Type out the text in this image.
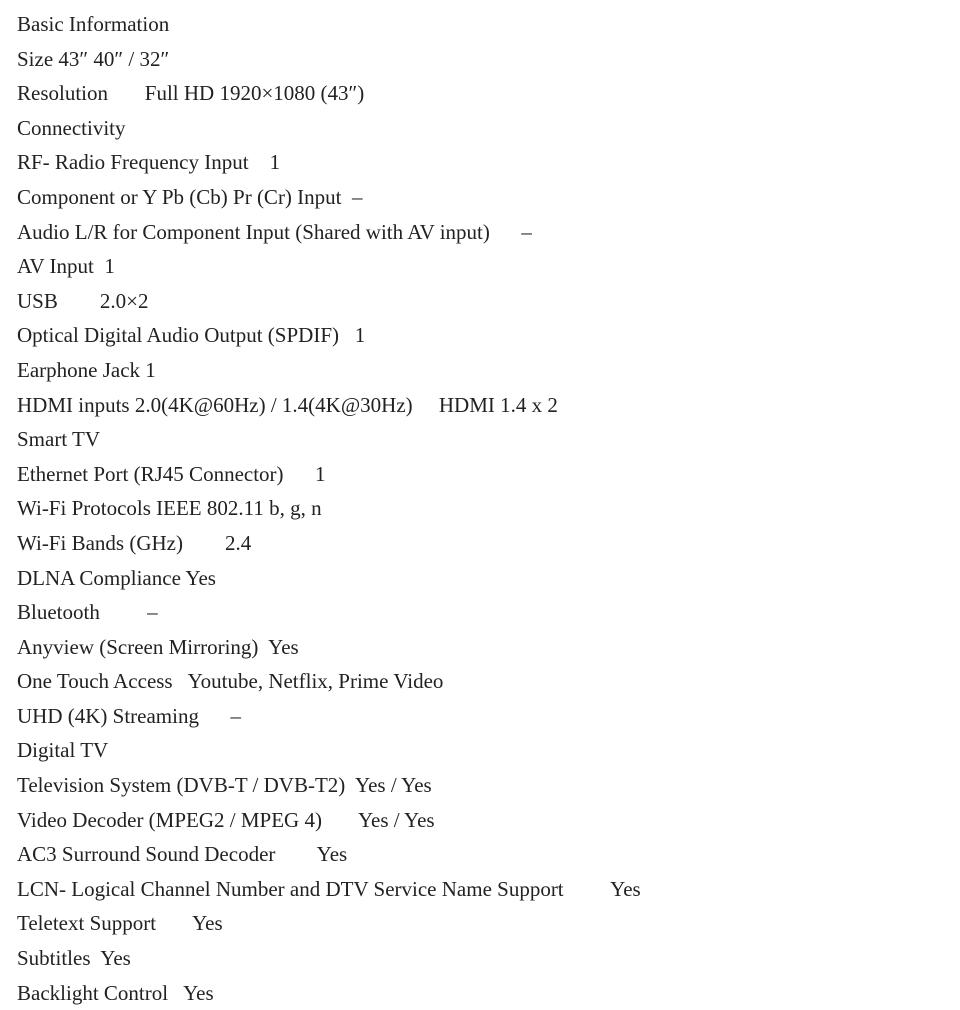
Basic Information
Size 43″ 40″ / 32″
Resolution Full HD 1920×1080 (43″)
Connectivity
RF- Radio Frequency Input 1
Component or Y Pb (Cb) Pr (Cr) Input –
Audio L/R for Component Input (Shared with AV input) –
AV Input 1
USB 2.0×2
Optical Digital Audio Output (SPDIF) 1
Earphone Jack 1
HDMI inputs 2.0(4K@60Hz) / 1.4(4K@30Hz)     HDMI 1.4 x 2
Smart TV
Ethernet Port (RJ45 Connector) 1
Wi-Fi Protocols IEEE 802.11 b, g, n
Wi-Fi Bands (GHz) 2.4
DLNA Compliance Yes
Bluetooth –
Anyview (Screen Mirroring) Yes
One Touch Access Youtube, Netflix, Prime Video
UHD (4K) Streaming –
Digital TV
Television System (DVB-T / DVB-T2) Yes / Yes
Video Decoder (MPEG2 / MPEG 4) Yes / Yes
AC3 Surround Sound Decoder Yes
LCN- Logical Channel Number and DTV Service Name Support Yes
Teletext Support Yes
Subtitles Yes
Backlight Control Yes
